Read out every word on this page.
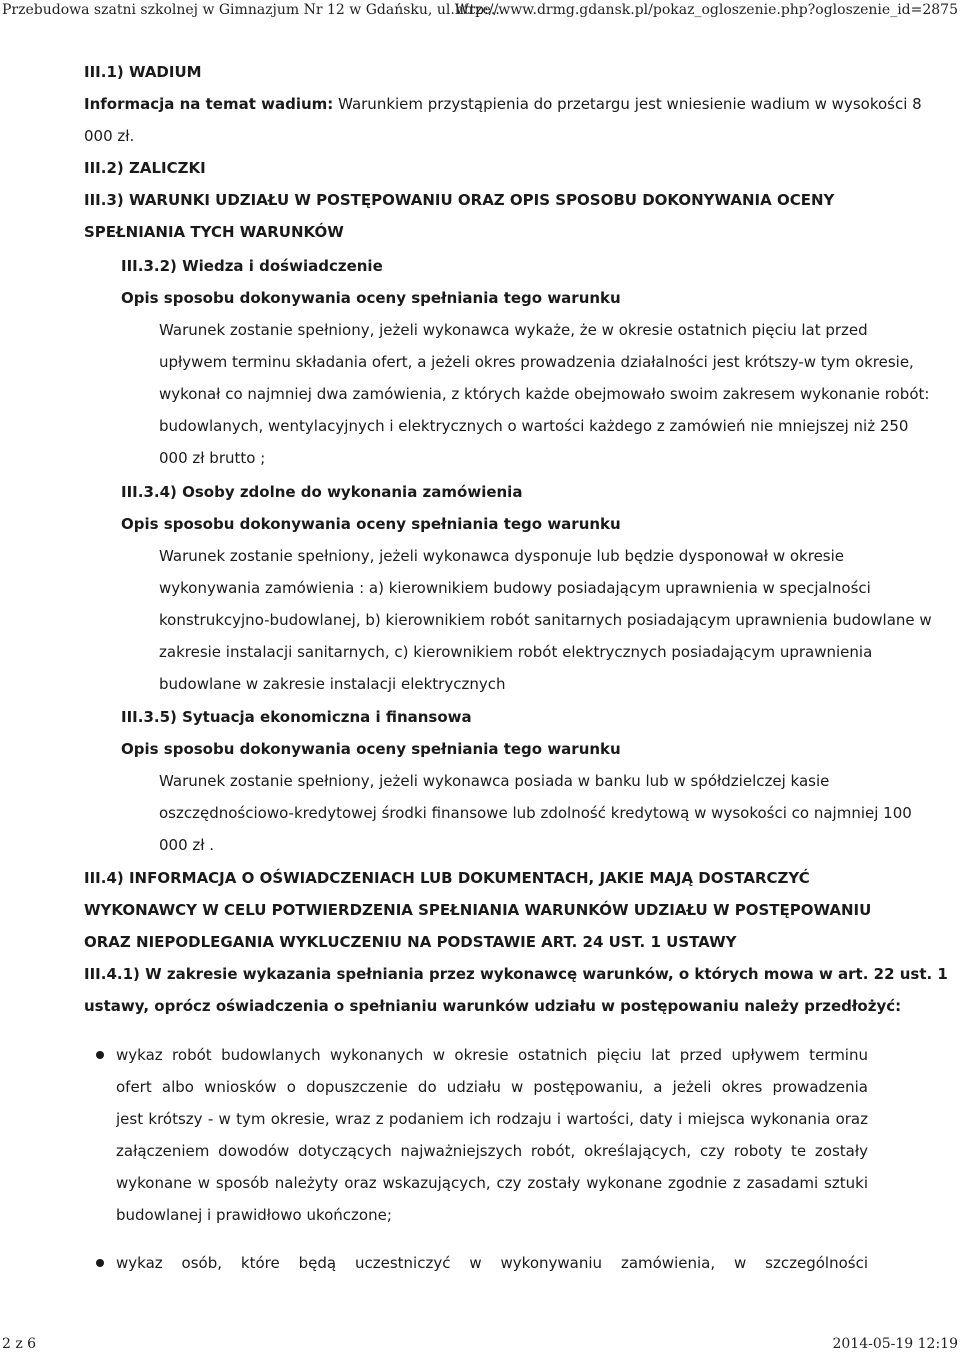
Przebudowa szatni szkolnej w Gimnazjum Nr 12 w Gdańsku, ul.Wrze...
http://www.drmg.gdansk.pl/pokaz_ogloszenie.php?ogloszenie_id=2875
III.1) WADIUM
Informacja na temat wadium: Warunkiem przystąpienia do przetargu jest wniesienie wadium w wysokości 8
000 zł.
III.2) ZALICZKI
III.3) WARUNKI UDZIAŁU W POSTĘPOWANIU ORAZ OPIS SPOSOBU DOKONYWANIA OCENY
SPEŁNIANIA TYCH WARUNKÓW
III.3.2) Wiedza i doświadczenie
Opis sposobu dokonywania oceny spełniania tego warunku
Warunek zostanie spełniony, jeżeli wykonawca wykaże, że w okresie ostatnich pięciu lat przed
upływem terminu składania ofert, a jeżeli okres prowadzenia działalności jest krótszy-w tym okresie,
wykonał co najmniej dwa zamówienia, z których każde obejmowało swoim zakresem wykonanie robót:
budowlanych, wentylacyjnych i elektrycznych o wartości każdego z zamówień nie mniejszej niż 250
000 zł brutto ;
III.3.4) Osoby zdolne do wykonania zamówienia
Opis sposobu dokonywania oceny spełniania tego warunku
Warunek zostanie spełniony, jeżeli wykonawca dysponuje lub będzie dysponował w okresie
wykonywania zamówienia : a) kierownikiem budowy posiadającym uprawnienia w specjalności
konstrukcyjno-budowlanej, b) kierownikiem robót sanitarnych posiadającym uprawnienia budowlane w
zakresie instalacji sanitarnych, c) kierownikiem robót elektrycznych posiadającym uprawnienia
budowlane w zakresie instalacji elektrycznych
III.3.5) Sytuacja ekonomiczna i finansowa
Opis sposobu dokonywania oceny spełniania tego warunku
Warunek zostanie spełniony, jeżeli wykonawca posiada w banku lub w spółdzielczej kasie
oszczędnościowo-kredytowej środki finansowe lub zdolność kredytową w wysokości co najmniej 100
000 zł .
III.4) INFORMACJA O OŚWIADCZENIACH LUB DOKUMENTACH, JAKIE MAJĄ DOSTARCZYĆ
WYKONAWCY W CELU POTWIERDZENIA SPEŁNIANIA WARUNKÓW UDZIAŁU W POSTĘPOWANIU
ORAZ NIEPODLEGANIA WYKLUCZENIU NA PODSTAWIE ART. 24 UST. 1 USTAWY
III.4.1) W zakresie wykazania spełniania przez wykonawcę warunków, o których mowa w art. 22 ust. 1
ustawy, oprócz oświadczenia o spełnianiu warunków udziału w postępowaniu należy przedłożyć:
wykaz robót budowlanych wykonanych w okresie ostatnich pięciu lat przed upływem terminu
ofert albo wniosków o dopuszczenie do udziału w postępowaniu, a jeżeli okres prowadzenia
jest krótszy - w tym okresie, wraz z podaniem ich rodzaju i wartości, daty i miejsca wykonania oraz
załączeniem dowodów dotyczących najważniejszych robót, określających, czy roboty te zostały
wykonane w sposób należyty oraz wskazujących, czy zostały wykonane zgodnie z zasadami sztuki
budowlanej i prawidłowo ukończone;
wykaz osób, które będą uczestniczyć w wykonywaniu zamówienia, w szczególności
2 z 6	2014-05-19 12:19
